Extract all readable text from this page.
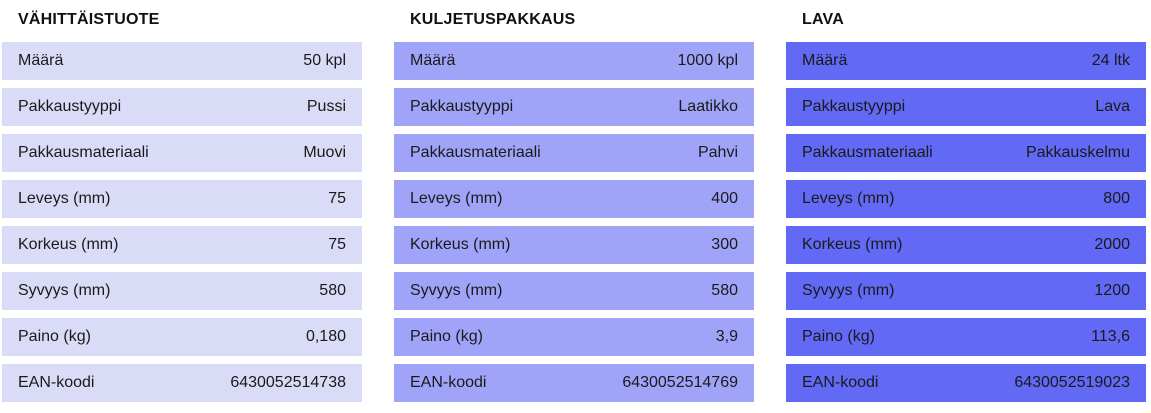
VÄHITTÄISTUOTE
Määrä	50 kpl
Pakkaustyyppi	Pussi
Pakkausmateriaali	Muovi
Leveys (mm)	75
Korkeus (mm)	75
Syvyys (mm)	580
Paino (kg)	0,180
EAN-koodi	6430052514738
KULJETUSPAKKAUS
Määrä	1000 kpl
Pakkaustyyppi	Laatikko
Pakkausmateriaali	Pahvi
Leveys (mm)	400
Korkeus (mm)	300
Syvyys (mm)	580
Paino (kg)	3,9
EAN-koodi	6430052514769
LAVA
Määrä	24 ltk
Pakkaustyyppi	Lava
Pakkausmateriaali	Pakkauskelmu
Leveys (mm)	800
Korkeus (mm)	2000
Syvyys (mm)	1200
Paino (kg)	113,6
EAN-koodi	6430052519023
